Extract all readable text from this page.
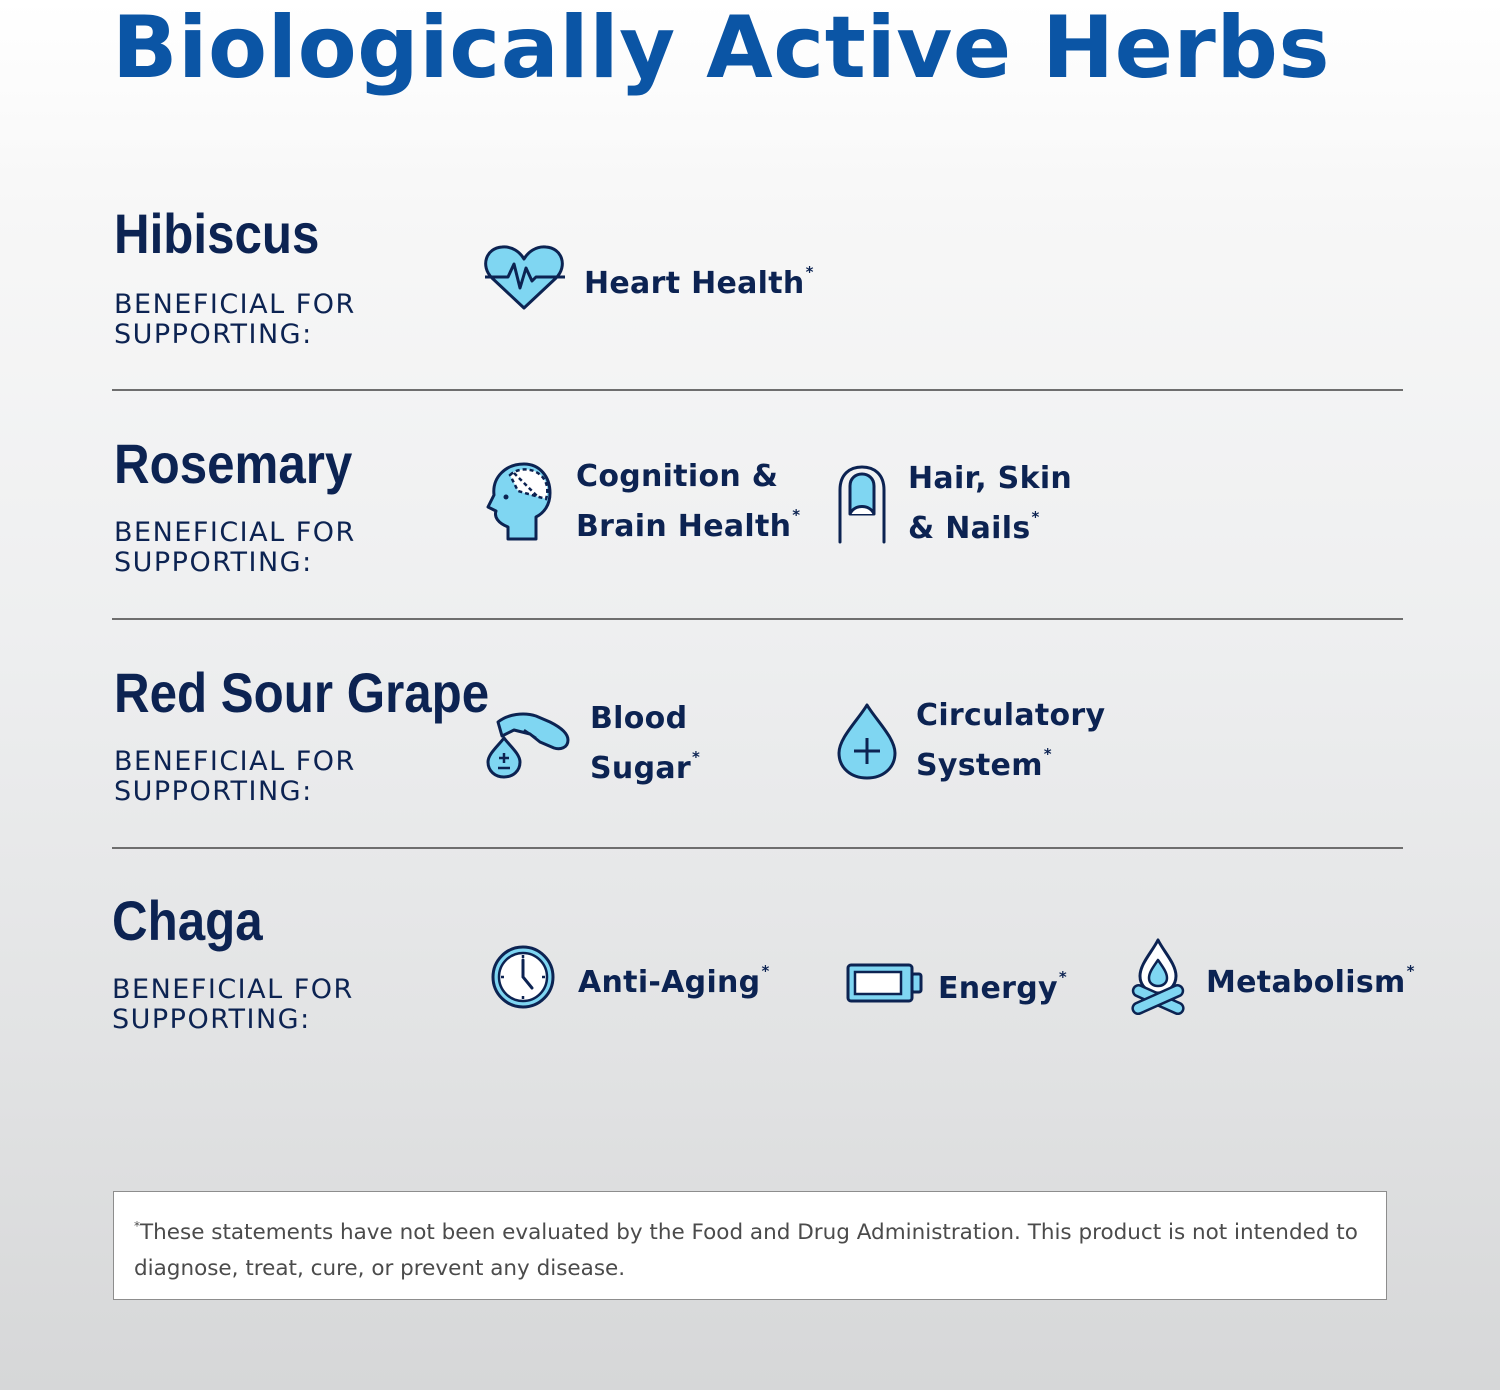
Biologically Active Herbs
Hibiscus

BENEFICIAL FOR SUPPORTING:

Heart Health*
Rosemary

BENEFICIAL FOR SUPPORTING:

Cognition &
Brain Health*
Hair, Skin
& Nails*
Red Sour Grape

BENEFICIAL FOR SUPPORTING:

Blood
Sugar*
Circulatory
System*
Chaga

BENEFICIAL FOR SUPPORTING:

Anti-Aging*	Energy*	Metabolism*

*These statements have not been evaluated by the Food and Drug Administration. This product is not intended to diagnose, treat, cure, or prevent any disease.
